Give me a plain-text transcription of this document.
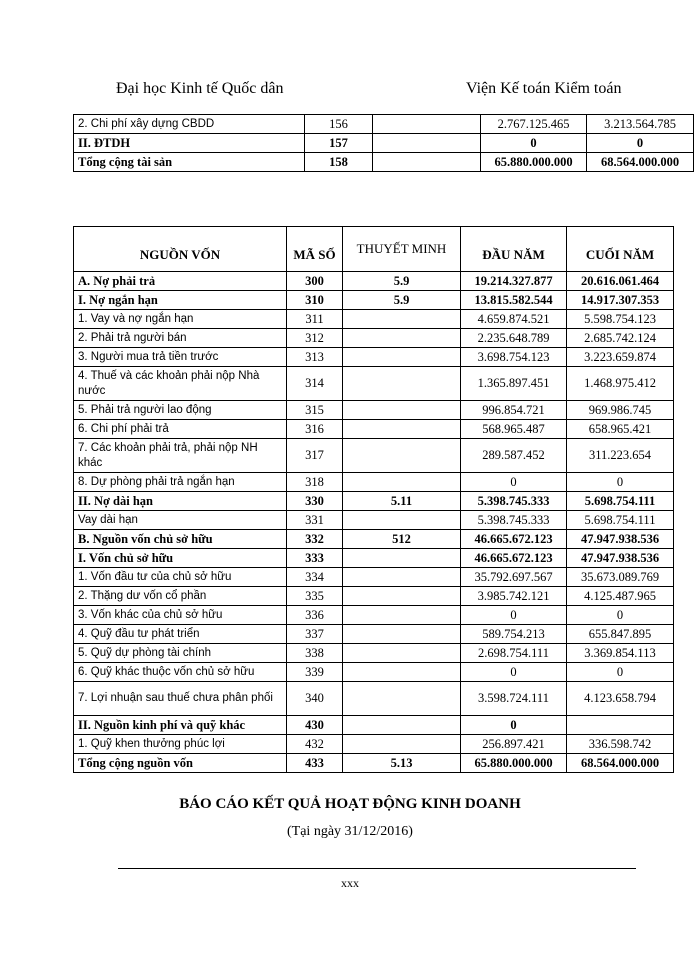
Đại học Kinh tế Quốc dân	Viện Kế toán Kiểm toán
2. Chi phí xây dựng CBDD	156		2.767.125.465	3.213.564.785
II. ĐTDH	157		0	0
Tổng cộng tài sản	158		65.880.000.000	68.564.000.000
NGUỒN VỐN	MÃ SỐ	THUYẾT MINH	ĐẦU NĂM	CUỐI NĂM
A. Nợ phải trả	300	5.9	19.214.327.877	20.616.061.464
I. Nợ ngắn hạn	310	5.9	13.815.582.544	14.917.307.353
1. Vay và nợ ngắn hạn	311		4.659.874.521	5.598.754.123
2. Phải trả người bán	312		2.235.648.789	2.685.742.124
3. Người mua trả tiền trước	313		3.698.754.123	3.223.659.874
4. Thuế và các khoản phải nộp Nhà nước	314		1.365.897.451	1.468.975.412
5. Phải trả người lao động	315		996.854.721	969.986.745
6. Chi phí phải trả	316		568.965.487	658.965.421
7. Các khoản phải trả, phải nộp NH khác	317		289.587.452	311.223.654
8. Dự phòng phải trả ngắn hạn	318		0	0
II. Nợ dài hạn	330	5.11	5.398.745.333	5.698.754.111
Vay dài hạn	331		5.398.745.333	5.698.754.111
B. Nguồn vốn chủ sở hữu	332	512	46.665.672.123	47.947.938.536
I. Vốn chủ sở hữu	333		46.665.672.123	47.947.938.536
1. Vốn đầu tư của chủ sở hữu	334		35.792.697.567	35.673.089.769
2. Thặng dư vốn cổ phần	335		3.985.742.121	4.125.487.965
3. Vốn khác của chủ sở hữu	336		0	0
4. Quỹ đầu tư phát triển	337		589.754.213	655.847.895
5. Quỹ dự phòng tài chính	338		2.698.754.111	3.369.854.113
6. Quỹ khác thuộc vốn chủ sở hữu	339		0	0
7. Lợi nhuận sau thuế chưa phân phối	340		3.598.724.111	4.123.658.794
II. Nguồn kinh phí và quỹ khác	430		0	
1. Quỹ khen thưởng phúc lợi	432		256.897.421	336.598.742
Tổng cộng nguồn vốn	433	5.13	65.880.000.000	68.564.000.000
BÁO CÁO KẾT QUẢ HOẠT ĐỘNG KINH DOANH
(Tại ngày 31/12/2016)
xxx
